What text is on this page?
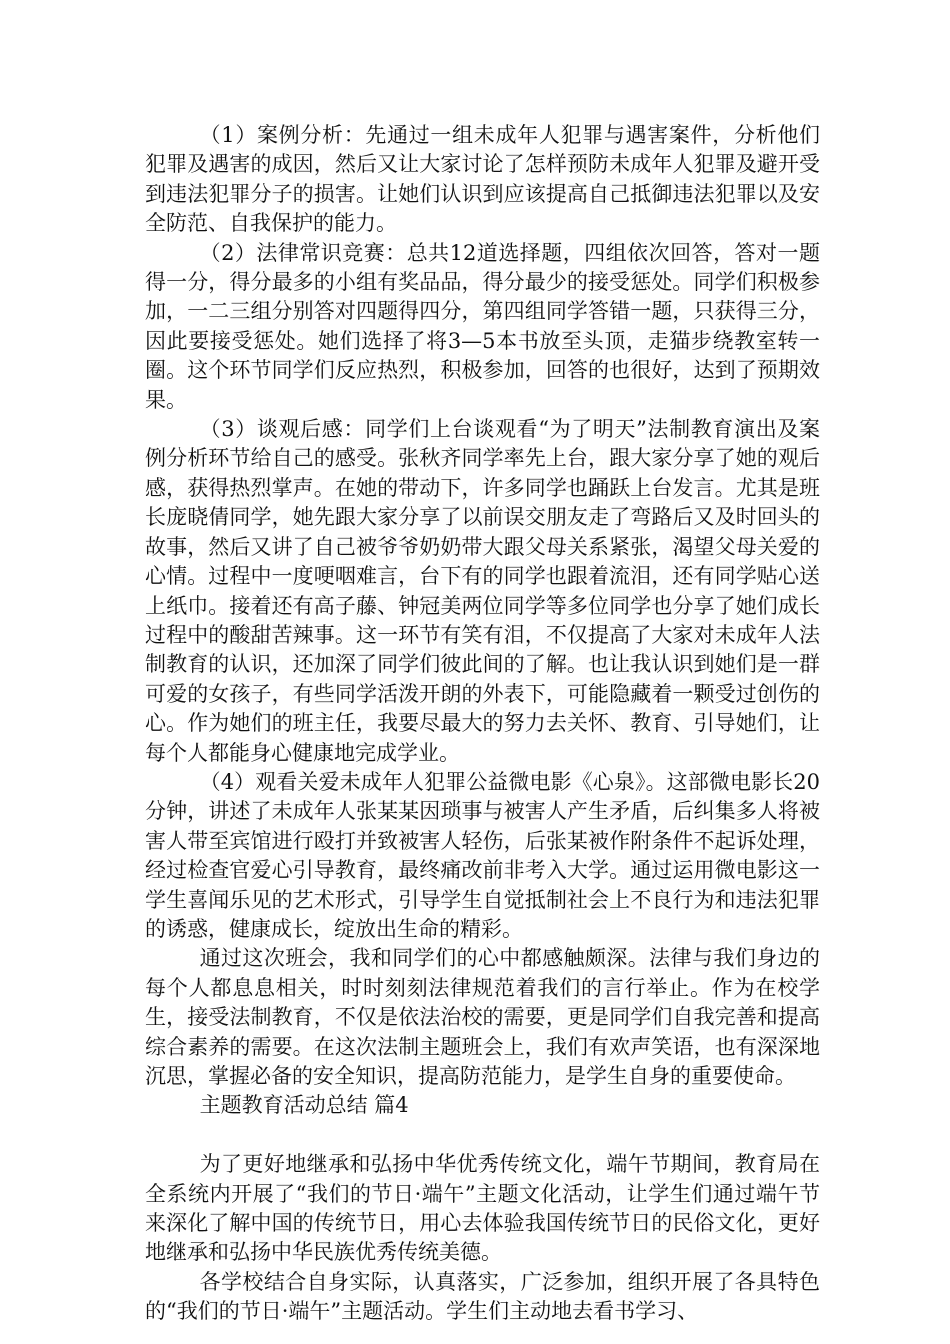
（1）案例分析：先通过一组未成年人犯罪与遇害案件，分析他们犯罪及遇害的成因，然后又让大家讨论了怎样预防未成年人犯罪及避开受到违法犯罪分子的损害。让她们认识到应该提高自己抵御违法犯罪以及安全防范、自我保护的能力。

（2）法律常识竞赛：总共12道选择题，四组依次回答，答对一题得一分，得分最多的小组有奖品品，得分最少的接受惩处。同学们积极参加，一二三组分别答对四题得四分，第四组同学答错一题，只获得三分，因此要接受惩处。她们选择了将3—5本书放至头顶，走猫步绕教室转一圈。这个环节同学们反应热烈，积极参加，回答的也很好，达到了预期效果。

（3）谈观后感：同学们上台谈观看“为了明天”法制教育演出及案例分析环节给自己的感受。张秋齐同学率先上台，跟大家分享了她的观后感，获得热烈掌声。在她的带动下，许多同学也踊跃上台发言。尤其是班长庞晓倩同学，她先跟大家分享了以前误交朋友走了弯路后又及时回头的故事，然后又讲了自己被爷爷奶奶带大跟父母关系紧张，渴望父母关爱的心情。过程中一度哽咽难言，台下有的同学也跟着流泪，还有同学贴心送上纸巾。接着还有高子藤、钟冠美两位同学等多位同学也分享了她们成长过程中的酸甜苦辣事。这一环节有笑有泪，不仅提高了大家对未成年人法制教育的认识，还加深了同学们彼此间的了解。也让我认识到她们是一群可爱的女孩子，有些同学活泼开朗的外表下，可能隐藏着一颗受过创伤的心。作为她们的班主任，我要尽最大的努力去关怀、教育、引导她们，让每个人都能身心健康地完成学业。

（4）观看关爱未成年人犯罪公益微电影《心泉》。这部微电影长20分钟，讲述了未成年人张某某因琐事与被害人产生矛盾，后纠集多人将被害人带至宾馆进行殴打并致被害人轻伤，后张某被作附条件不起诉处理，经过检查官爱心引导教育，最终痛改前非考入大学。通过运用微电影这一学生喜闻乐见的艺术形式，引导学生自觉抵制社会上不良行为和违法犯罪的诱惑，健康成长，绽放出生命的精彩。

通过这次班会，我和同学们的心中都感触颇深。法律与我们身边的每个人都息息相关，时时刻刻法律规范着我们的言行举止。作为在校学生，接受法制教育，不仅是依法治校的需要，更是同学们自我完善和提高综合素养的需要。在这次法制主题班会上，我们有欢声笑语，也有深深地沉思，掌握必备的安全知识，提高防范能力，是学生自身的重要使命。

主题教育活动总结 篇4

为了更好地继承和弘扬中华优秀传统文化，端午节期间，教育局在全系统内开展了“我们的节日·端午”主题文化活动，让学生们通过端午节来深化了解中国的传统节日，用心去体验我国传统节日的民俗文化，更好地继承和弘扬中华民族优秀传统美德。

各学校结合自身实际，认真落实，广泛参加，组织开展了各具特色的“我们的节日·端午”主题活动。学生们主动地去看书学习、
